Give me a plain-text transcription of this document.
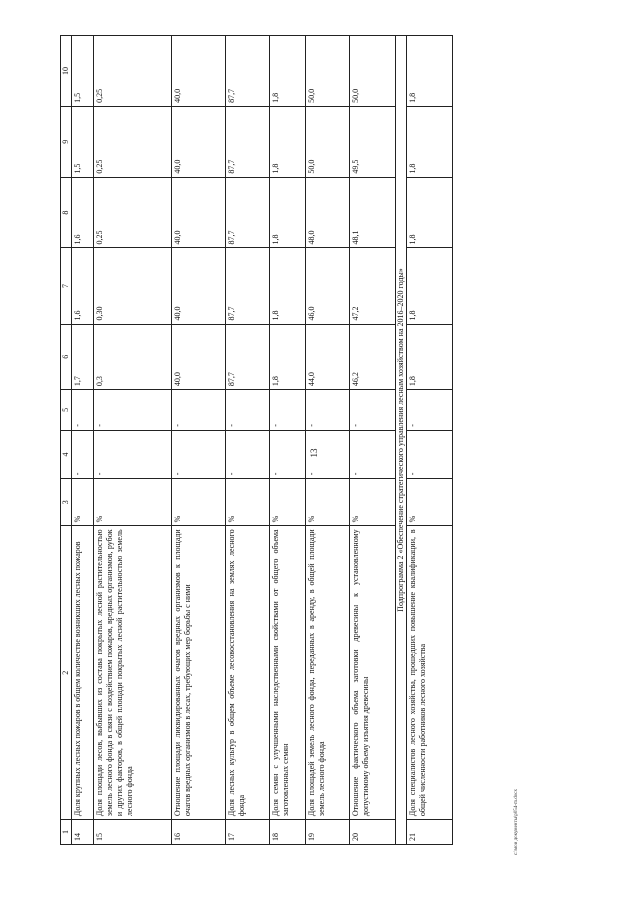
13
1	2	3	4	5	6	7	8	9	10
14	Доля крупных лесных пожаров в общем количестве возникших лесных пожаров	%	-	-	1,7	1,6	1,6	1,5	1,5
15	Доля площади лесов, выбывших из состава покрытых лесной растительностью земель лесного фонда в связи с воздействием пожаров, вредных организмов, рубок и других факторов, в общей площади покрытых лесной растительностью земель лесного фонда	%	-	-	0,3	0,30	0,25	0,25	0,25
16	Отношение площади ликвидированных очагов вредных организмов к площади очагов вредных организмов в лесах, требующих мер борьбы с ними	%	-	-	40,0	40,0	40,0	40,0	40,0
17	Доля лесных культур в общем объеме лесовосстановления на землях лесного фонда	%	-	-	87,7	87,7	87,7	87,7	87,7
18	Доля семян с улучшенными наследственными свойствами от общего объема заготовленных семян	%	-	-	1,8	1,8	1,8	1,8	1,8
19	Доля площадей земель лесного фонда, переданных в аренду, в общей площади земель лесного фонда	%	-	-	44,0	46,0	48,0	50,0	50,0
20	Отношение фактического объема заготовки древесины к установленному допустимому объему изъятия древесины	%	-	-	46,2	47,2	48,1	49,5	50,0
Подпрограмма 2 «Обеспечение стратегического управления лесным хозяйством на 2016–2020 годы»									
21	Доля специалистов лесного хозяйства, прошедших повышение квалификации, в общей численности работников лесного хозяйства	%	-	-	1,8	1,8	1,8	1,8	1,8
c:\мои документы\p054-m.docx
